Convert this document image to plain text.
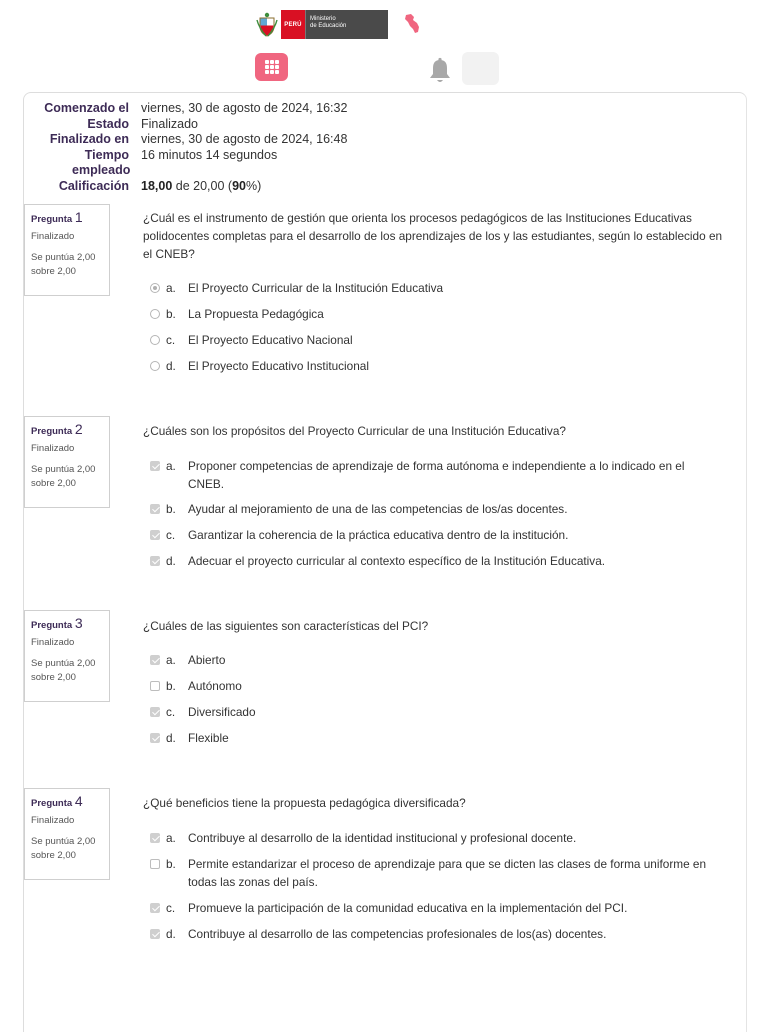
PERÚ
Ministerio
de Educación
Comenzado el viernes, 30 de agosto de 2024, 16:32
Estado Finalizado
Finalizado en viernes, 30 de agosto de 2024, 16:48
Tiempo empleado
16 minutos 14 segundos
Calificación 18,00 de 20,00 (90%)
Pregunta 1
Finalizado
Se puntúa 2,00 sobre 2,00
¿Cuál es el instrumento de gestión que orienta los procesos pedagógicos de las Instituciones Educativas polidocentes completas para el desarrollo de los aprendizajes de los y las estudiantes, según lo establecido en el CNEB?
a.	El Proyecto Curricular de la Institución Educativa
b.	La Propuesta Pedagógica
c.	El Proyecto Educativo Nacional
d.	El Proyecto Educativo Institucional
Pregunta 2
Finalizado
Se puntúa 2,00 sobre 2,00
¿Cuáles son los propósitos del Proyecto Curricular de una Institución Educativa?
a.	Proponer competencias de aprendizaje de forma autónoma e independiente a lo indicado en el CNEB.
b.	Ayudar al mejoramiento de una de las competencias de los/as docentes.
c.	Garantizar la coherencia de la práctica educativa dentro de la institución.
d.	Adecuar el proyecto curricular al contexto específico de la Institución Educativa.
Pregunta 3
Finalizado
Se puntúa 2,00 sobre 2,00
¿Cuáles de las siguientes son características del PCI?
a.	Abierto
b.	Autónomo
c.	Diversificado
d.	Flexible
Pregunta 4
Finalizado
Se puntúa 2,00 sobre 2,00
¿Qué beneficios tiene la propuesta pedagógica diversificada?
a.	Contribuye al desarrollo de la identidad institucional y profesional docente.
b.	Permite estandarizar el proceso de aprendizaje para que se dicten las clases de forma uniforme en todas las zonas del país.
c.	Promueve la participación de la comunidad educativa en la implementación del PCI.
d.	Contribuye al desarrollo de las competencias profesionales de los(as) docentes.
